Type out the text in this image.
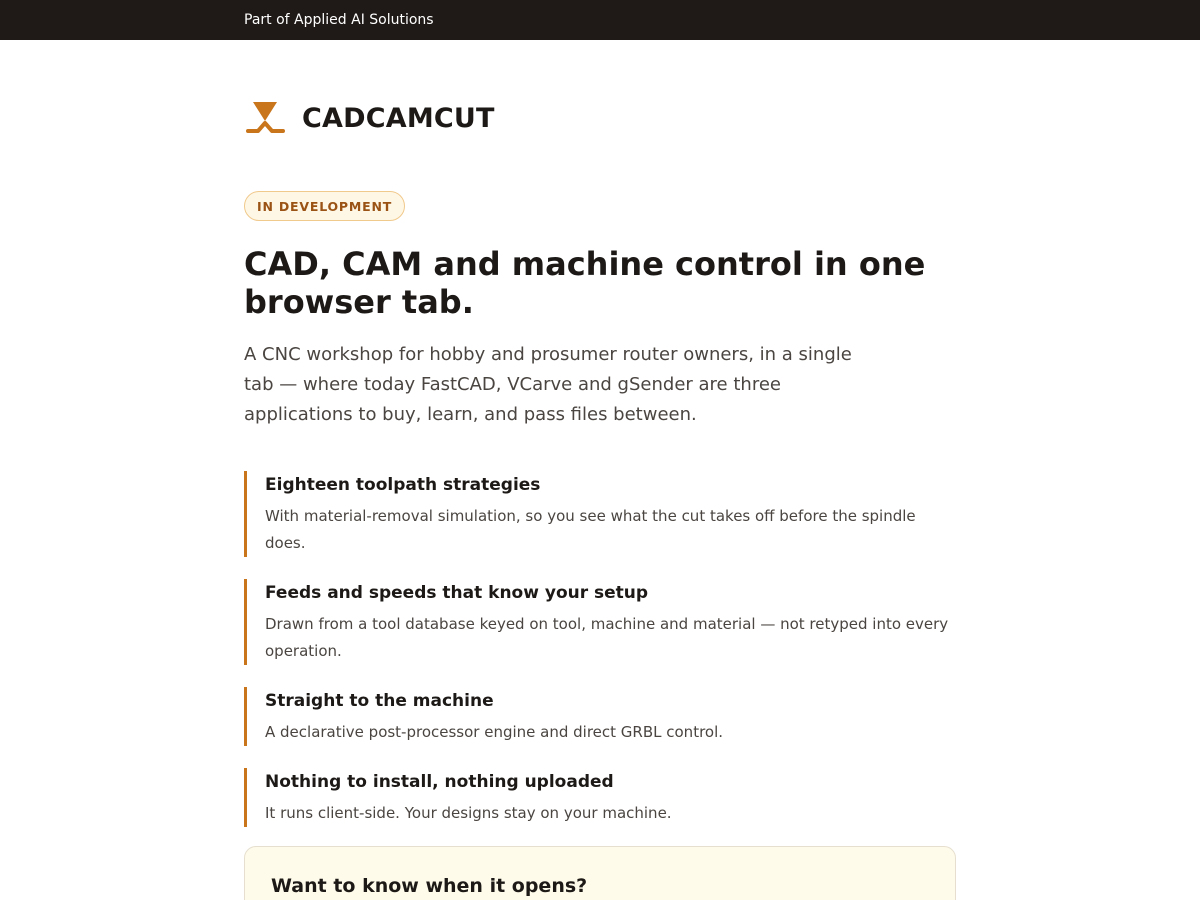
Part of Applied AI Solutions
CADCAMCUT
IN DEVELOPMENT
CAD, CAM and machine control in one browser tab.

A CNC workshop for hobby and prosumer router owners, in a single tab — where today FastCAD, VCarve and gSender are three applications to buy, learn, and pass files between.

Eighteen toolpath strategies

With material-removal simulation, so you see what the cut takes off before the spindle does.

Feeds and speeds that know your setup

Drawn from a tool database keyed on tool, machine and material — not retyped into every operation.

Straight to the machine

A declarative post-processor engine and direct GRBL control.

Nothing to install, nothing uploaded

It runs client-side. Your designs stay on your machine.

Want to know when it opens?
